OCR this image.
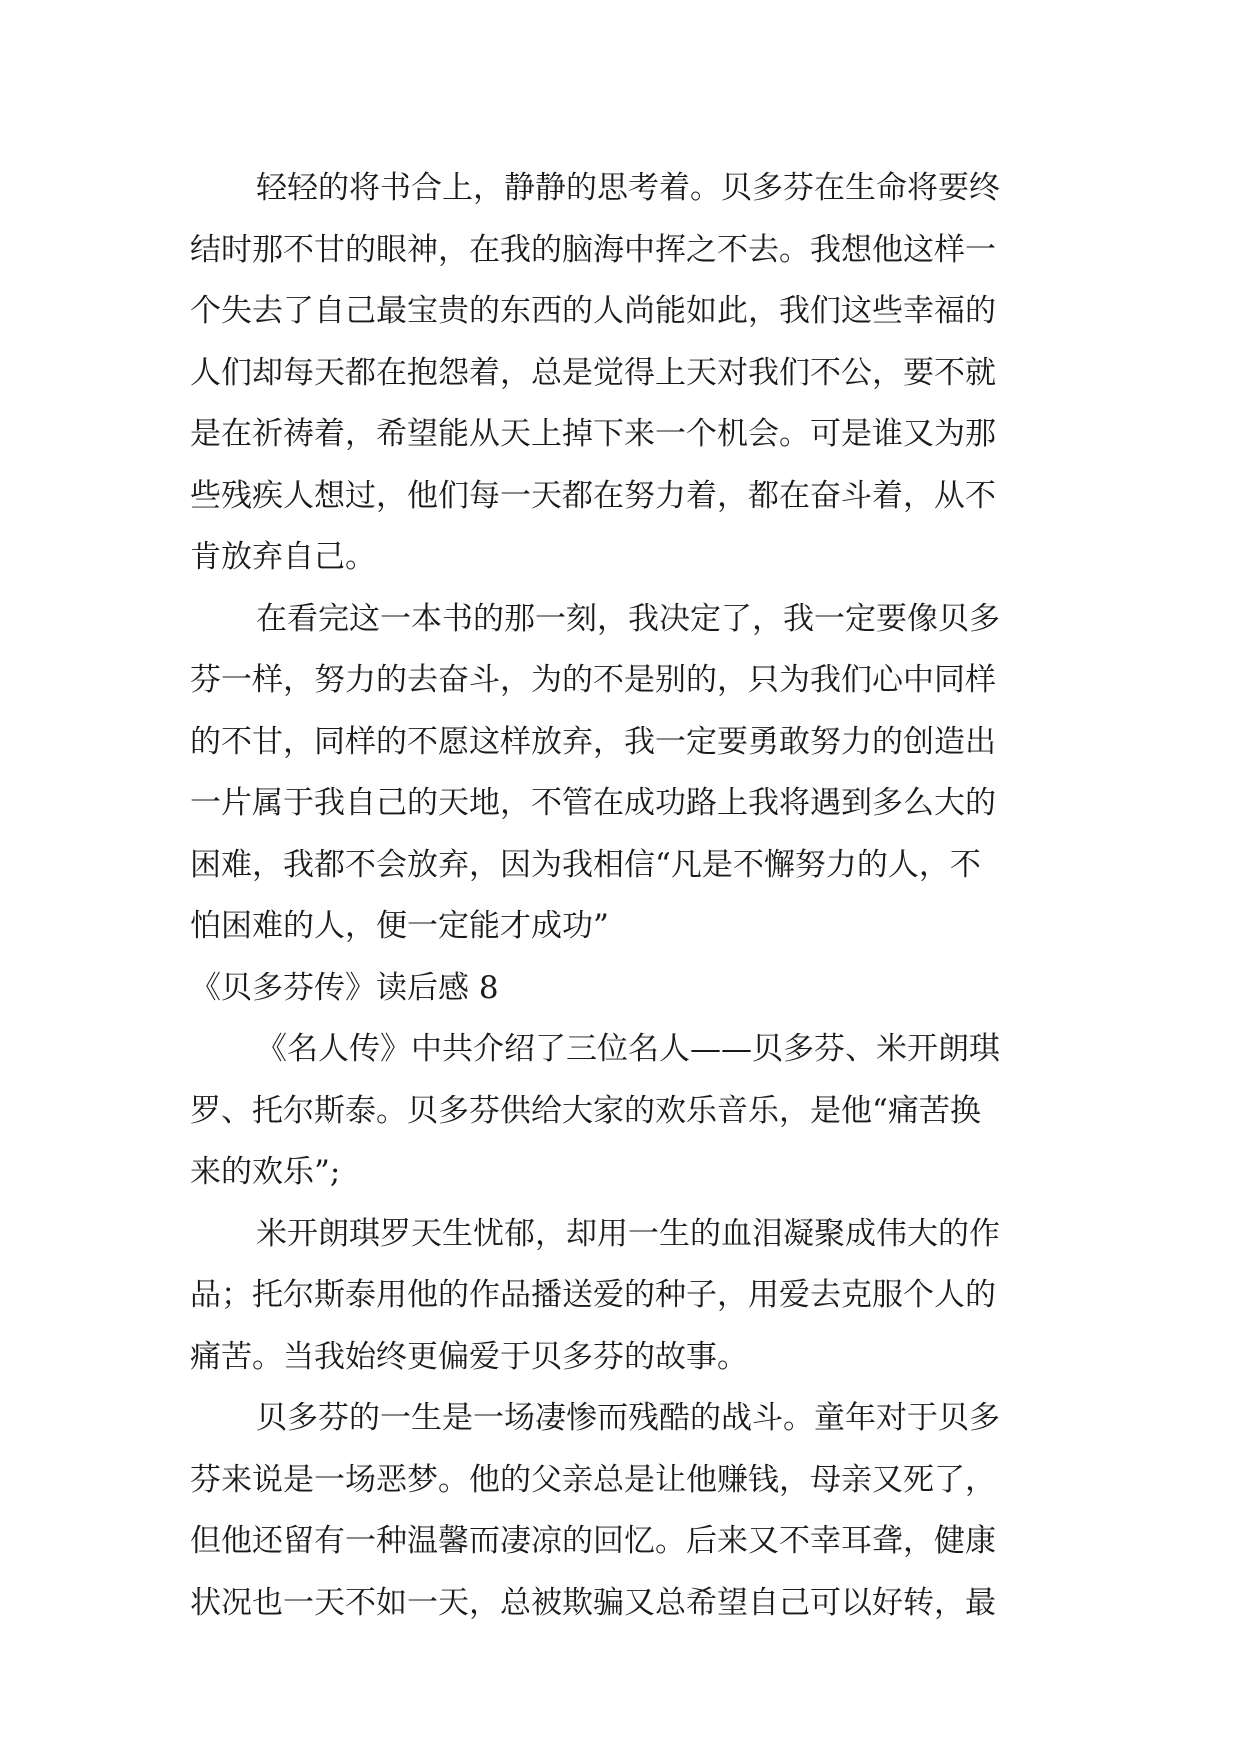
轻轻的将书合上，静静的思考着。贝多芬在生命将要终

结时那不甘的眼神，在我的脑海中挥之不去。我想他这样一

个失去了自己最宝贵的东西的人尚能如此，我们这些幸福的

人们却每天都在抱怨着，总是觉得上天对我们不公，要不就

是在祈祷着，希望能从天上掉下来一个机会。可是谁又为那

些残疾人想过，他们每一天都在努力着，都在奋斗着，从不

肯放弃自己。

在看完这一本书的那一刻，我决定了，我一定要像贝多

芬一样，努力的去奋斗，为的不是别的，只为我们心中同样

的不甘，同样的不愿这样放弃，我一定要勇敢努力的创造出

一片属于我自己的天地，不管在成功路上我将遇到多么大的

困难，我都不会放弃，因为我相信“凡是不懈努力的人，不

怕困难的人，便一定能才成功”

《贝多芬传》读后感 8

《名人传》中共介绍了三位名人——贝多芬、米开朗琪

罗、托尔斯泰。贝多芬供给大家的欢乐音乐，是他“痛苦换

来的欢乐”;

米开朗琪罗天生忧郁，却用一生的血泪凝聚成伟大的作

品；托尔斯泰用他的作品播送爱的种子，用爱去克服个人的

痛苦。当我始终更偏爱于贝多芬的故事。

贝多芬的一生是一场凄惨而残酷的战斗。童年对于贝多

芬来说是一场恶梦。他的父亲总是让他赚钱，母亲又死了，

但他还留有一种温馨而凄凉的回忆。后来又不幸耳聋，健康

状况也一天不如一天，总被欺骗又总希望自己可以好转，最
